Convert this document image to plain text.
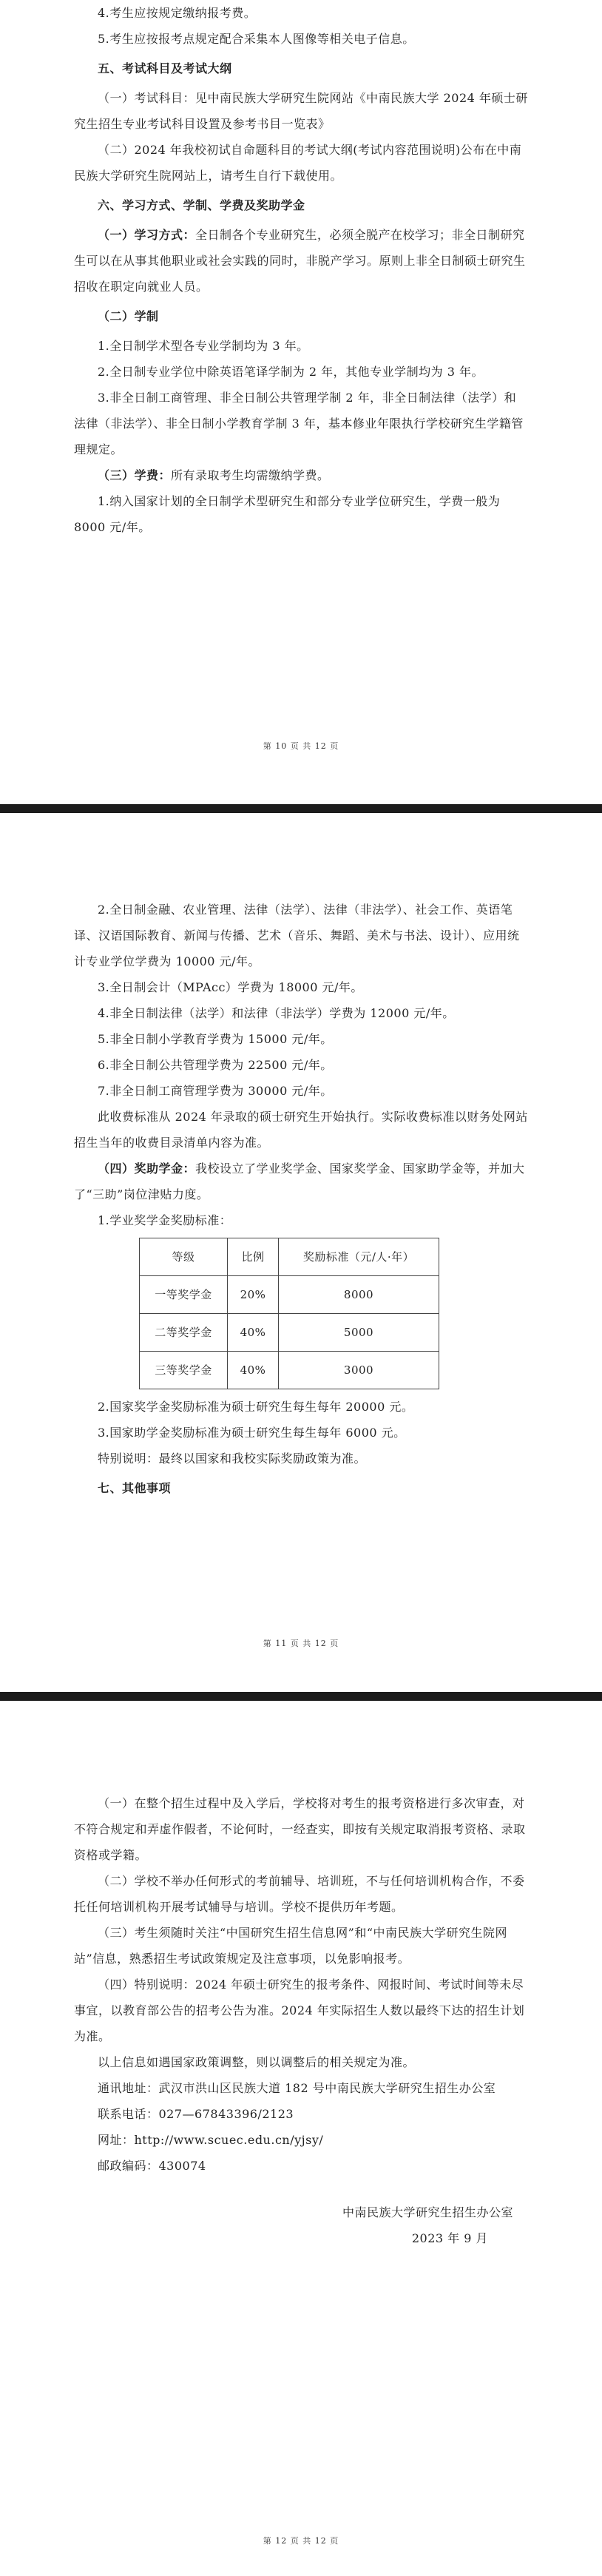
4.考生应按规定缴纳报考费。

5.考生应按报考点规定配合采集本人图像等相关电子信息。

五、考试科目及考试大纲

（一）考试科目：见中南民族大学研究生院网站《中南民族大学 2024 年硕士研究生招生专业考试科目设置及参考书目一览表》

（二）2024 年我校初试自命题科目的考试大纲(考试内容范围说明)公布在中南民族大学研究生院网站上，请考生自行下载使用。

六、学习方式、学制、学费及奖助学金

（一）学习方式：全日制各个专业研究生，必须全脱产在校学习；非全日制研究生可以在从事其他职业或社会实践的同时，非脱产学习。原则上非全日制硕士研究生招收在职定向就业人员。

（二）学制

1.全日制学术型各专业学制均为 3 年。

2.全日制专业学位中除英语笔译学制为 2 年，其他专业学制均为 3 年。

3.非全日制工商管理、非全日制公共管理学制 2 年，非全日制法律（法学）和法律（非法学）、非全日制小学教育学制 3 年，基本修业年限执行学校研究生学籍管理规定。

（三）学费：所有录取考生均需缴纳学费。

1.纳入国家计划的全日制学术型研究生和部分专业学位研究生，学费一般为 8000 元/年。

第 10 页 共 12 页

2.全日制金融、农业管理、法律（法学）、法律（非法学）、社会工作、英语笔译、汉语国际教育、新闻与传播、艺术（音乐、舞蹈、美术与书法、设计）、应用统计专业学位学费为 10000 元/年。

3.全日制会计（MPAcc）学费为 18000 元/年。

4.非全日制法律（法学）和法律（非法学）学费为 12000 元/年。

5.非全日制小学教育学费为 15000 元/年。

6.非全日制公共管理学费为 22500 元/年。

7.非全日制工商管理学费为 30000 元/年。

此收费标准从 2024 年录取的硕士研究生开始执行。实际收费标准以财务处网站招生当年的收费目录清单内容为准。

（四）奖助学金：我校设立了学业奖学金、国家奖学金、国家助学金等，并加大了“三助”岗位津贴力度。

1.学业奖学金奖励标准：

等级	比例	奖励标准（元/人·年）
一等奖学金	20%	8000
二等奖学金	40%	5000
三等奖学金	40%	3000

2.国家奖学金奖励标准为硕士研究生每生每年 20000 元。

3.国家助学金奖励标准为硕士研究生每生每年 6000 元。

特别说明：最终以国家和我校实际奖励政策为准。

七、其他事项
第 11 页 共 12 页

（一）在整个招生过程中及入学后，学校将对考生的报考资格进行多次审查，对不符合规定和弄虚作假者，不论何时，一经查实，即按有关规定取消报考资格、录取资格或学籍。

（二）学校不举办任何形式的考前辅导、培训班，不与任何培训机构合作，不委托任何培训机构开展考试辅导与培训。学校不提供历年考题。

（三）考生须随时关注“中国研究生招生信息网”和“中南民族大学研究生院网站”信息，熟悉招生考试政策规定及注意事项，以免影响报考。

（四）特别说明：2024 年硕士研究生的报考条件、网报时间、考试时间等未尽事宜，以教育部公告的招考公告为准。2024 年实际招生人数以最终下达的招生计划为准。

以上信息如遇国家政策调整，则以调整后的相关规定为准。

通讯地址：武汉市洪山区民族大道 182 号中南民族大学研究生招生办公室

联系电话：027—67843396/2123

网址：http://www.scuec.edu.cn/yjsy/

邮政编码：430074

中南民族大学研究生招生办公室

2023 年 9 月

第 12 页 共 12 页
